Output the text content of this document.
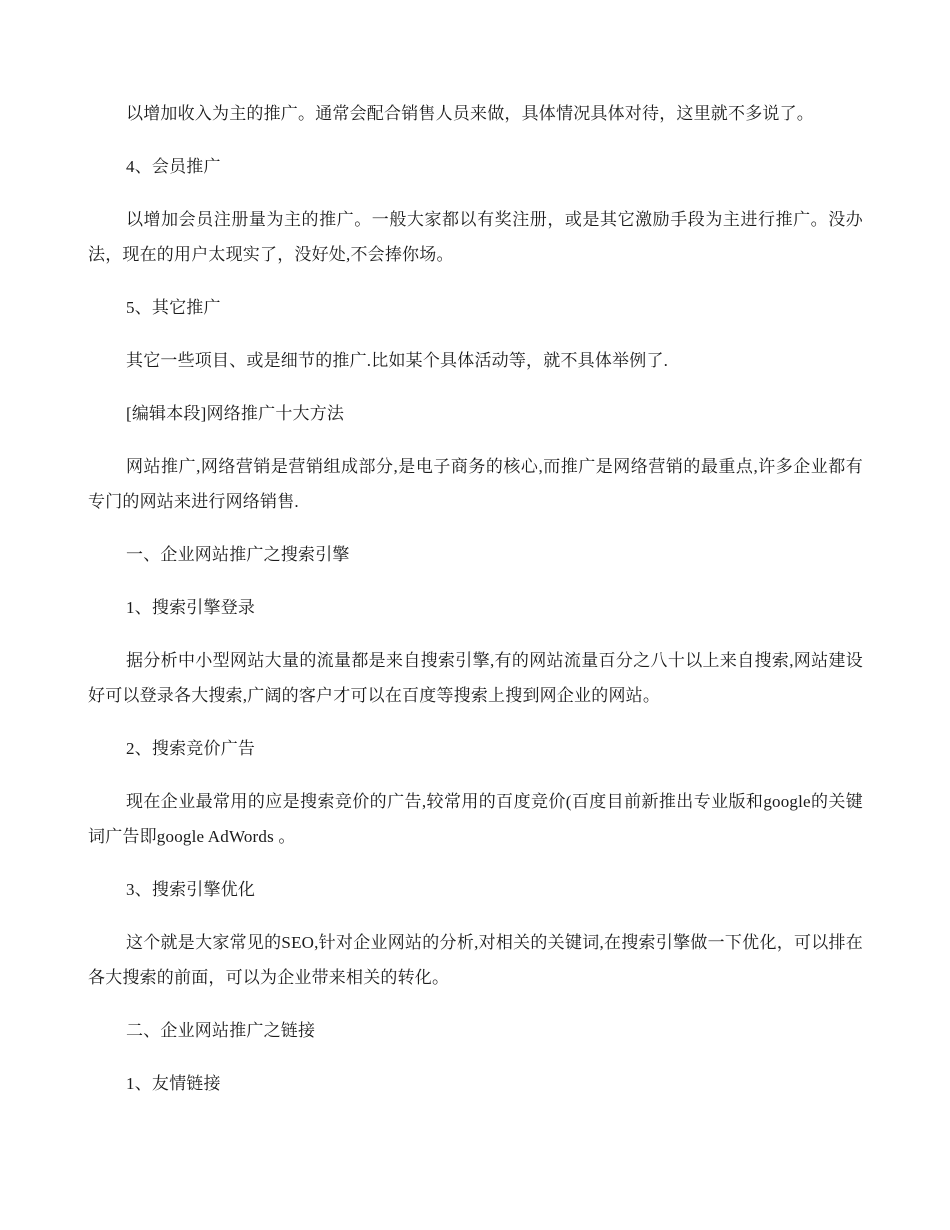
以增加收入为主的推广。通常会配合销售人员来做，具体情况具体对待，这里就不多说了。

4、会员推广

以增加会员注册量为主的推广。一般大家都以有奖注册，或是其它激励手段为主进行推广。没办法，现在的用户太现实了，没好处,不会捧你场。

5、其它推广

其它一些项目、或是细节的推广.比如某个具体活动等，就不具体举例了.

[编辑本段]网络推广十大方法

网站推广,网络营销是营销组成部分,是电子商务的核心,而推广是网络营销的最重点,许多企业都有专门的网站来进行网络销售.

一、企业网站推广之搜索引擎

1、搜索引擎登录

据分析中小型网站大量的流量都是来自搜索引擎,有的网站流量百分之八十以上来自搜索,网站建设好可以登录各大搜索,广阔的客户才可以在百度等搜索上搜到网企业的网站。

2、搜索竞价广告

现在企业最常用的应是搜索竞价的广告,较常用的百度竞价(百度目前新推出专业版和google的关键词广告即google AdWords 。

3、搜索引擎优化

这个就是大家常见的SEO,针对企业网站的分析,对相关的关键词,在搜索引擎做一下优化，可以排在各大搜索的前面，可以为企业带来相关的转化。

二、企业网站推广之链接

1、友情链接
